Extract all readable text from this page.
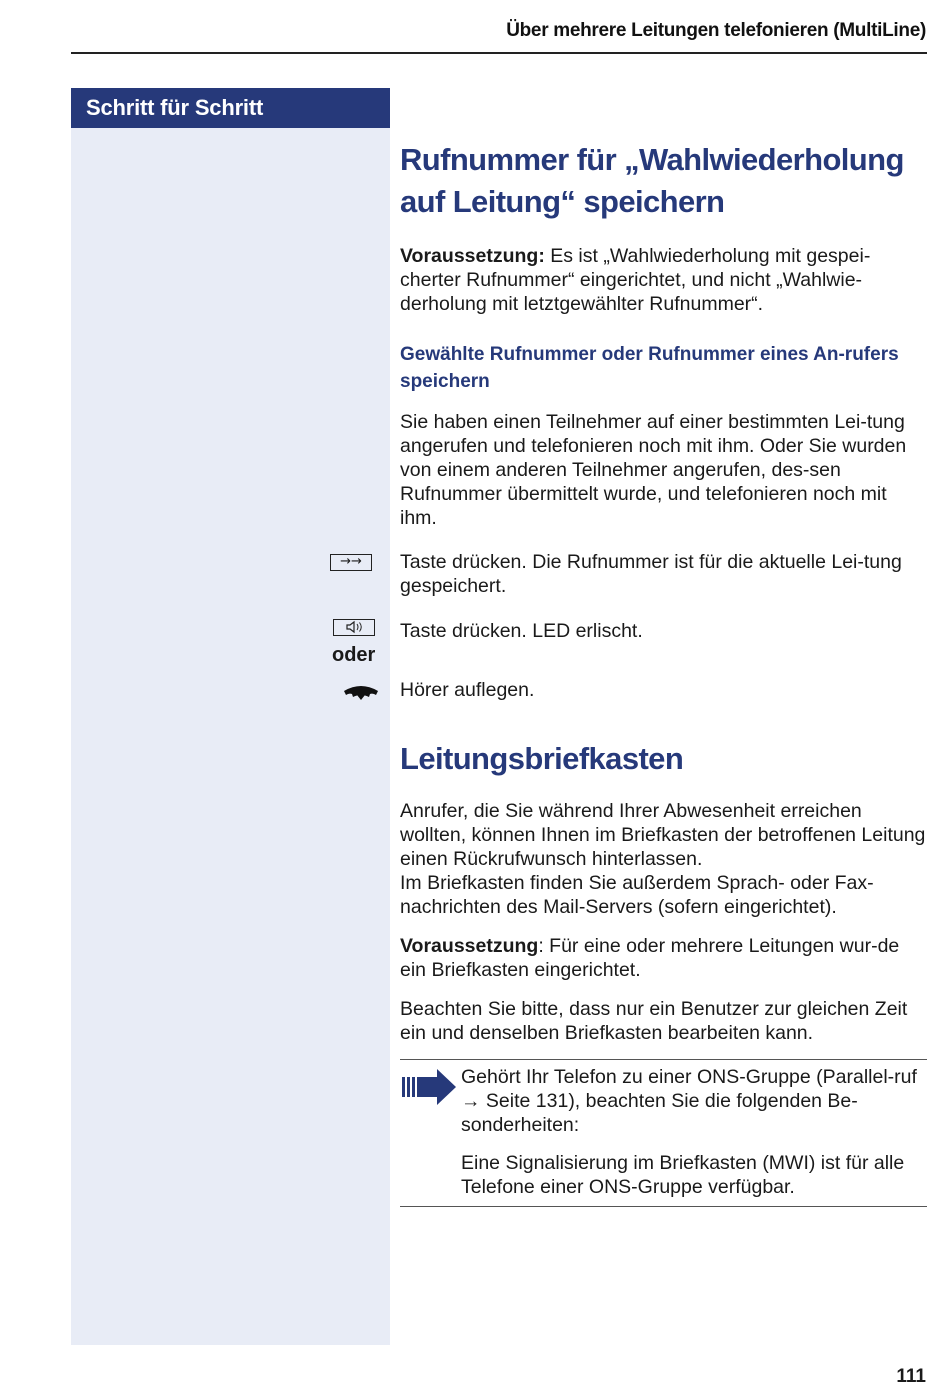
Über mehrere Leitungen telefonieren (MultiLine)
Schritt für Schritt
Rufnummer für „Wahlwiederholung
auf Leitung“ speichern

Voraussetzung: Es ist „Wahlwiederholung mit gespei-cherter Rufnummer“ eingerichtet, und nicht „Wahlwie-derholung mit letztgewählter Rufnummer“.

Gewählte Rufnummer oder Rufnummer eines An-rufers speichern

Sie haben einen Teilnehmer auf einer bestimmten Lei-tung angerufen und telefonieren noch mit ihm. Oder Sie wurden von einem anderen Teilnehmer angerufen, des-sen Rufnummer übermittelt wurde, und telefonieren noch mit ihm.

→→	Taste drücken. Die Rufnummer ist für die aktuelle Lei-tung gespeichert.

Taste drücken. LED erlischt.

oder

Hörer auflegen.

Leitungsbriefkasten

Anrufer, die Sie während Ihrer Abwesenheit erreichen wollten, können Ihnen im Briefkasten der betroffenen Leitung einen Rückrufwunsch hinterlassen.

Im Briefkasten finden Sie außerdem Sprach- oder Fax-nachrichten des Mail-Servers (sofern eingerichtet).

Voraussetzung: Für eine oder mehrere Leitungen wur-de ein Briefkasten eingerichtet.

Beachten Sie bitte, dass nur ein Benutzer zur gleichen Zeit ein und denselben Briefkasten bearbeiten kann.

Gehört Ihr Telefon zu einer ONS-Gruppe (Parallel-ruf → Seite 131), beachten Sie die folgenden Be-sonderheiten:

Eine Signalisierung im Briefkasten (MWI) ist für alle Telefone einer ONS-Gruppe verfügbar.

111
